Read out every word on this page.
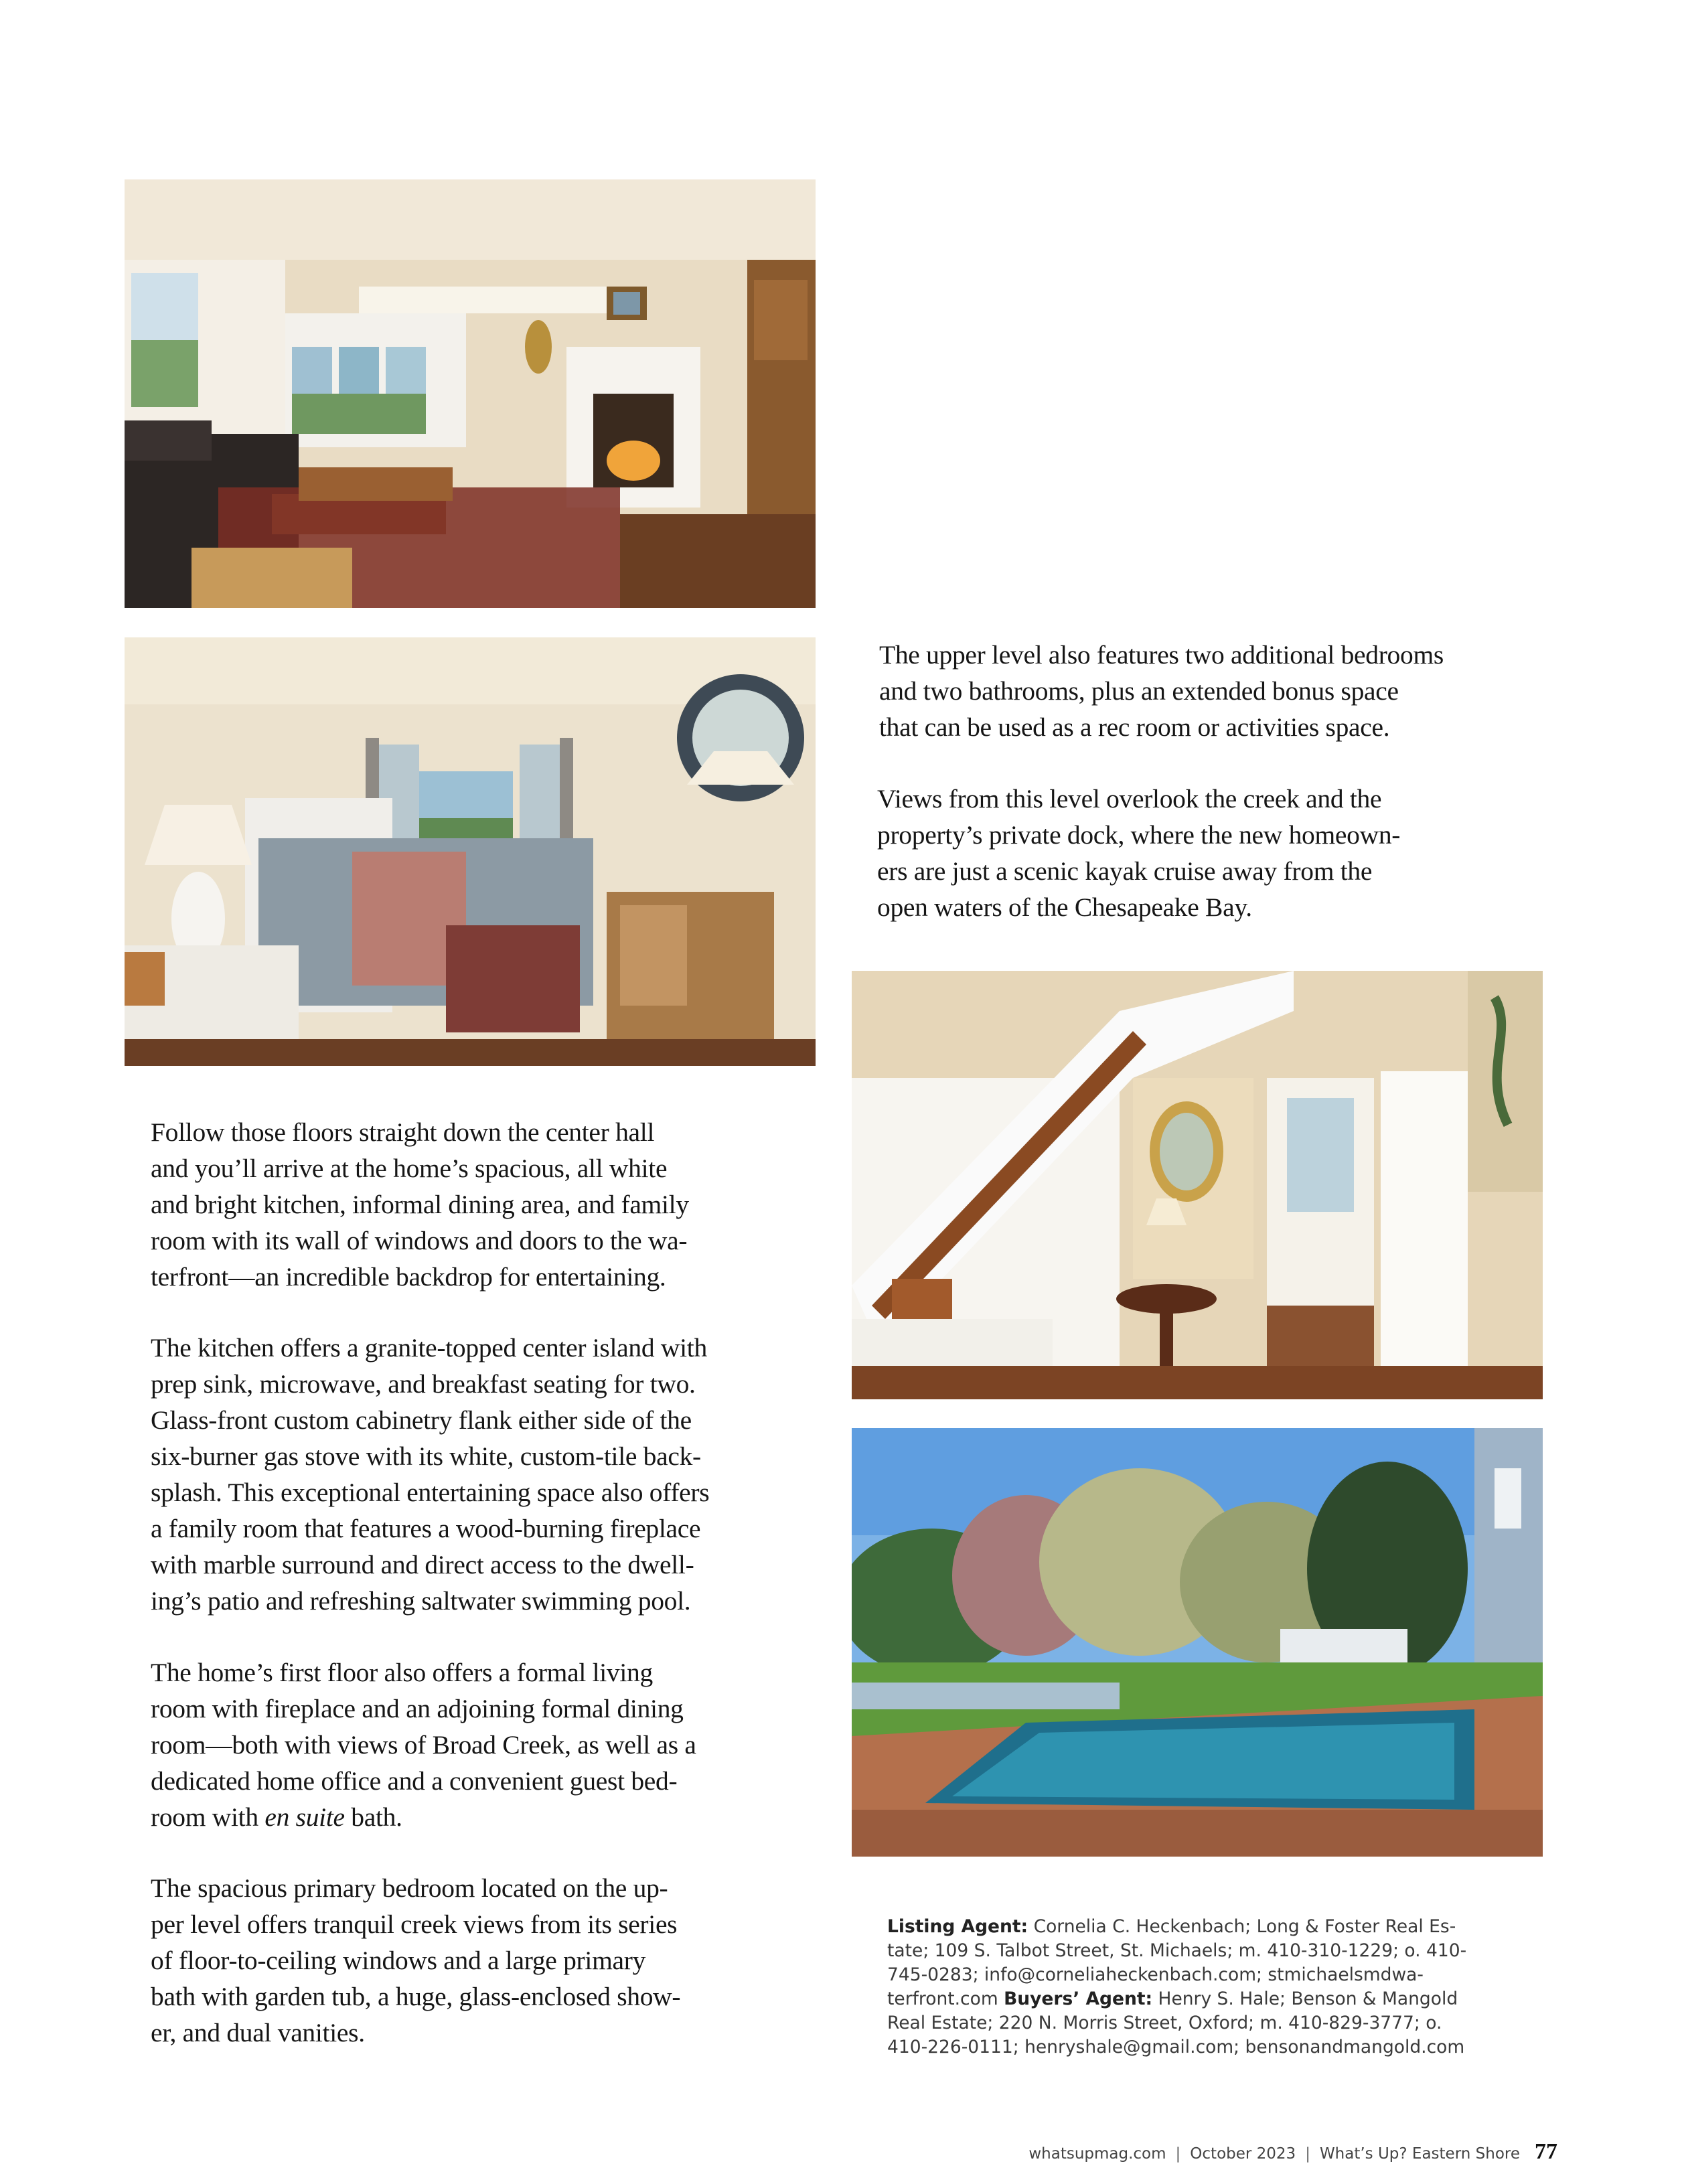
The upper level also features two additional bedrooms
and two bathrooms, plus an extended bonus space
that can be used as a rec room or activities space.

Views from this level overlook the creek and the
property’s private dock, where the new homeown-
ers are just a scenic kayak cruise away from the
open waters of the Chesapeake Bay.

Follow those floors straight down the center hall
and you’ll arrive at the home’s spacious, all white
and bright kitchen, informal dining area, and family
room with its wall of windows and doors to the wa-
terfront—an incredible backdrop for entertaining.

The kitchen offers a granite-topped center island with
prep sink, microwave, and breakfast seating for two.
Glass-front custom cabinetry flank either side of the
six-burner gas stove with its white, custom-tile back-
splash. This exceptional entertaining space also offers
a family room that features a wood-burning fireplace
with marble surround and direct access to the dwell-
ing’s patio and refreshing saltwater swimming pool.

The home’s first floor also offers a formal living
room with fireplace and an adjoining formal dining
room—both with views of Broad Creek, as well as a
dedicated home office and a convenient guest bed-
room with en suite bath.

The spacious primary bedroom located on the up-
per level offers tranquil creek views from its series
of floor-to-ceiling windows and a large primary
bath with garden tub, a huge, glass-enclosed show-
er, and dual vanities.

Listing Agent: Cornelia C. Heckenbach; Long & Foster Real Es-
tate; 109 S. Talbot Street, St. Michaels; m. 410-310-1229; o. 410-
745-0283; info@corneliaheckenbach.com; stmichaelsmdwa-
terfront.com Buyers’ Agent: Henry S. Hale; Benson & Mangold
Real Estate; 220 N. Morris Street, Oxford; m. 410-829-3777; o.
410-226-0111; henryshale@gmail.com; bensonandmangold.com
whatsupmag.com | October 2023 | What’s Up? Eastern Shore 77
